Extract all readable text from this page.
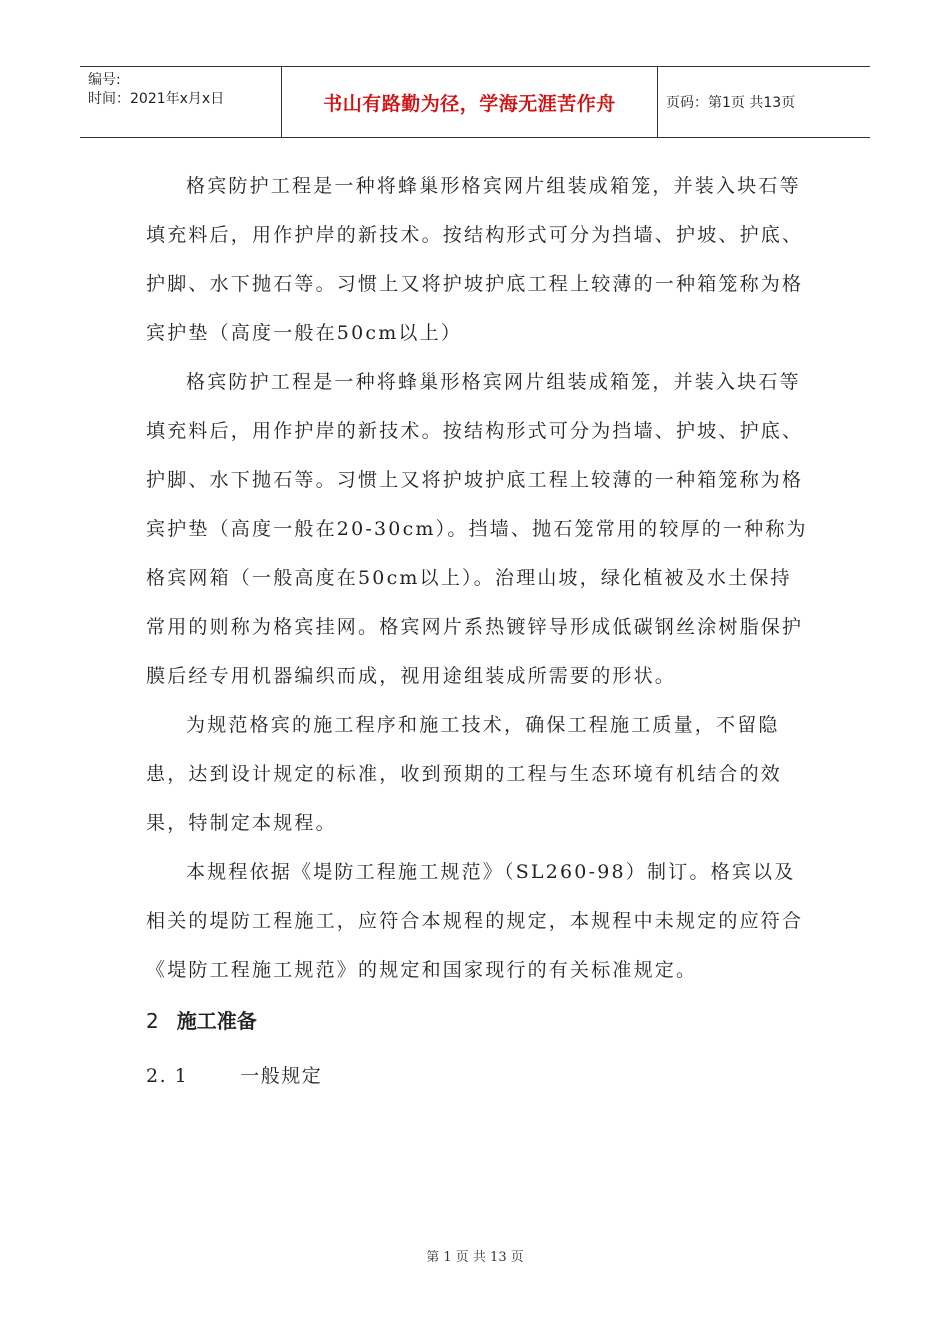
编号:
时间：2021年x月x日	书山有路勤为径，学海无涯苦作舟	页码：第1页 共13页

格宾防护工程是一种将蜂巢形格宾网片组装成箱笼，并装入块石等填充料后，用作护岸的新技术。按结构形式可分为挡墙、护坡、护底、护脚、水下抛石等。习惯上又将护坡护底工程上较薄的一种箱笼称为格宾护垫（高度一般在50cm以上）

格宾防护工程是一种将蜂巢形格宾网片组装成箱笼，并装入块石等填充料后，用作护岸的新技术。按结构形式可分为挡墙、护坡、护底、护脚、水下抛石等。习惯上又将护坡护底工程上较薄的一种箱笼称为格宾护垫（高度一般在20-30cm）。挡墙、抛石笼常用的较厚的一种称为格宾网箱（一般高度在50cm以上）。治理山坡，绿化植被及水土保持常用的则称为格宾挂网。格宾网片系热镀锌导形成低碳钢丝涂树脂保护膜后经专用机器编织而成，视用途组装成所需要的形状。

为规范格宾的施工程序和施工技术，确保工程施工质量，不留隐患，达到设计规定的标准，收到预期的工程与生态环境有机结合的效果，特制定本规程。

本规程依据《堤防工程施工规范》（SL260-98）制订。格宾以及相关的堤防工程施工，应符合本规程的规定，本规程中未规定的应符合《堤防工程施工规范》的规定和国家现行的有关标准规定。

2 施工准备

2. 1	一般规定

第 1 页 共 13 页
